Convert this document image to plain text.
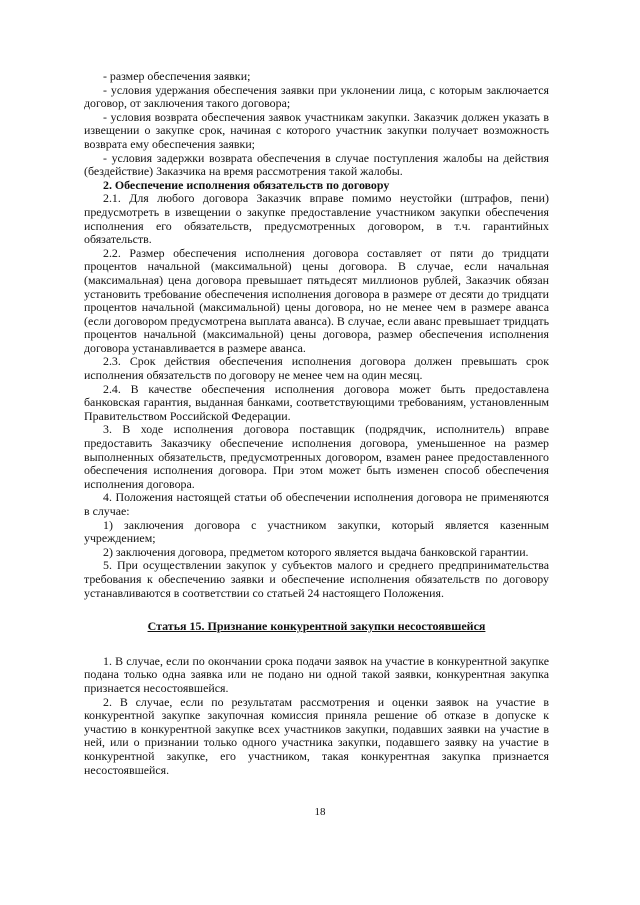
- размер обеспечения заявки;

- условия удержания обеспечения заявки при уклонении лица, с которым заключается договор, от заключения такого договора;

- условия возврата обеспечения заявок участникам закупки. Заказчик должен указать в извещении о закупке срок, начиная с которого участник закупки получает возможность возврата ему обеспечения заявки;

- условия задержки возврата обеспечения в случае поступления жалобы на действия (бездействие) Заказчика на время рассмотрения такой жалобы.

2. Обеспечение исполнения обязательств по договору

2.1. Для любого договора Заказчик вправе помимо неустойки (штрафов, пени) предусмотреть в извещении о закупке предоставление участником закупки обеспечения исполнения его обязательств, предусмотренных договором, в т.ч. гарантийных обязательств.

2.2. Размер обеспечения исполнения договора составляет от пяти до тридцати процентов начальной (максимальной) цены договора. В случае, если начальная (максимальная) цена договора превышает пятьдесят миллионов рублей, Заказчик обязан установить требование обеспечения исполнения договора в размере от десяти до тридцати процентов начальной (максимальной) цены договора, но не менее чем в размере аванса (если договором предусмотрена выплата аванса). В случае, если аванс превышает тридцать процентов начальной (максимальной) цены договора, размер обеспечения исполнения договора устанавливается в размере аванса.

2.3. Срок действия обеспечения исполнения договора должен превышать срок исполнения обязательств по договору не менее чем на один месяц.

2.4. В качестве обеспечения исполнения договора может быть предоставлена банковская гарантия, выданная банками, соответствующими требованиям, установленным Правительством Российской Федерации.

3. В ходе исполнения договора поставщик (подрядчик, исполнитель) вправе предоставить Заказчику обеспечение исполнения договора, уменьшенное на размер выполненных обязательств, предусмотренных договором, взамен ранее предоставленного обеспечения исполнения договора. При этом может быть изменен способ обеспечения исполнения договора.

4. Положения настоящей статьи об обеспечении исполнения договора не применяются в случае:

1) заключения договора с участником закупки, который является казенным учреждением;

2) заключения договора, предметом которого является выдача банковской гарантии.

5. При осуществлении закупок у субъектов малого и среднего предпринимательства требования к обеспечению заявки и обеспечение исполнения обязательств по договору устанавливаются в соответствии со статьей 24 настоящего Положения.

Статья 15. Признание конкурентной закупки несостоявшейся

1. В случае, если по окончании срока подачи заявок на участие в конкурентной закупке подана только одна заявка или не подано ни одной такой заявки, конкурентная закупка признается несостоявшейся.

2. В случае, если по результатам рассмотрения и оценки заявок на участие в конкурентной закупке закупочная комиссия приняла решение об отказе в допуске к участию в конкурентной закупке всех участников закупки, подавших заявки на участие в ней, или о признании только одного участника закупки, подавшего заявку на участие в конкурентной закупке, его участником, такая конкурентная закупка признается несостоявшейся.

18
